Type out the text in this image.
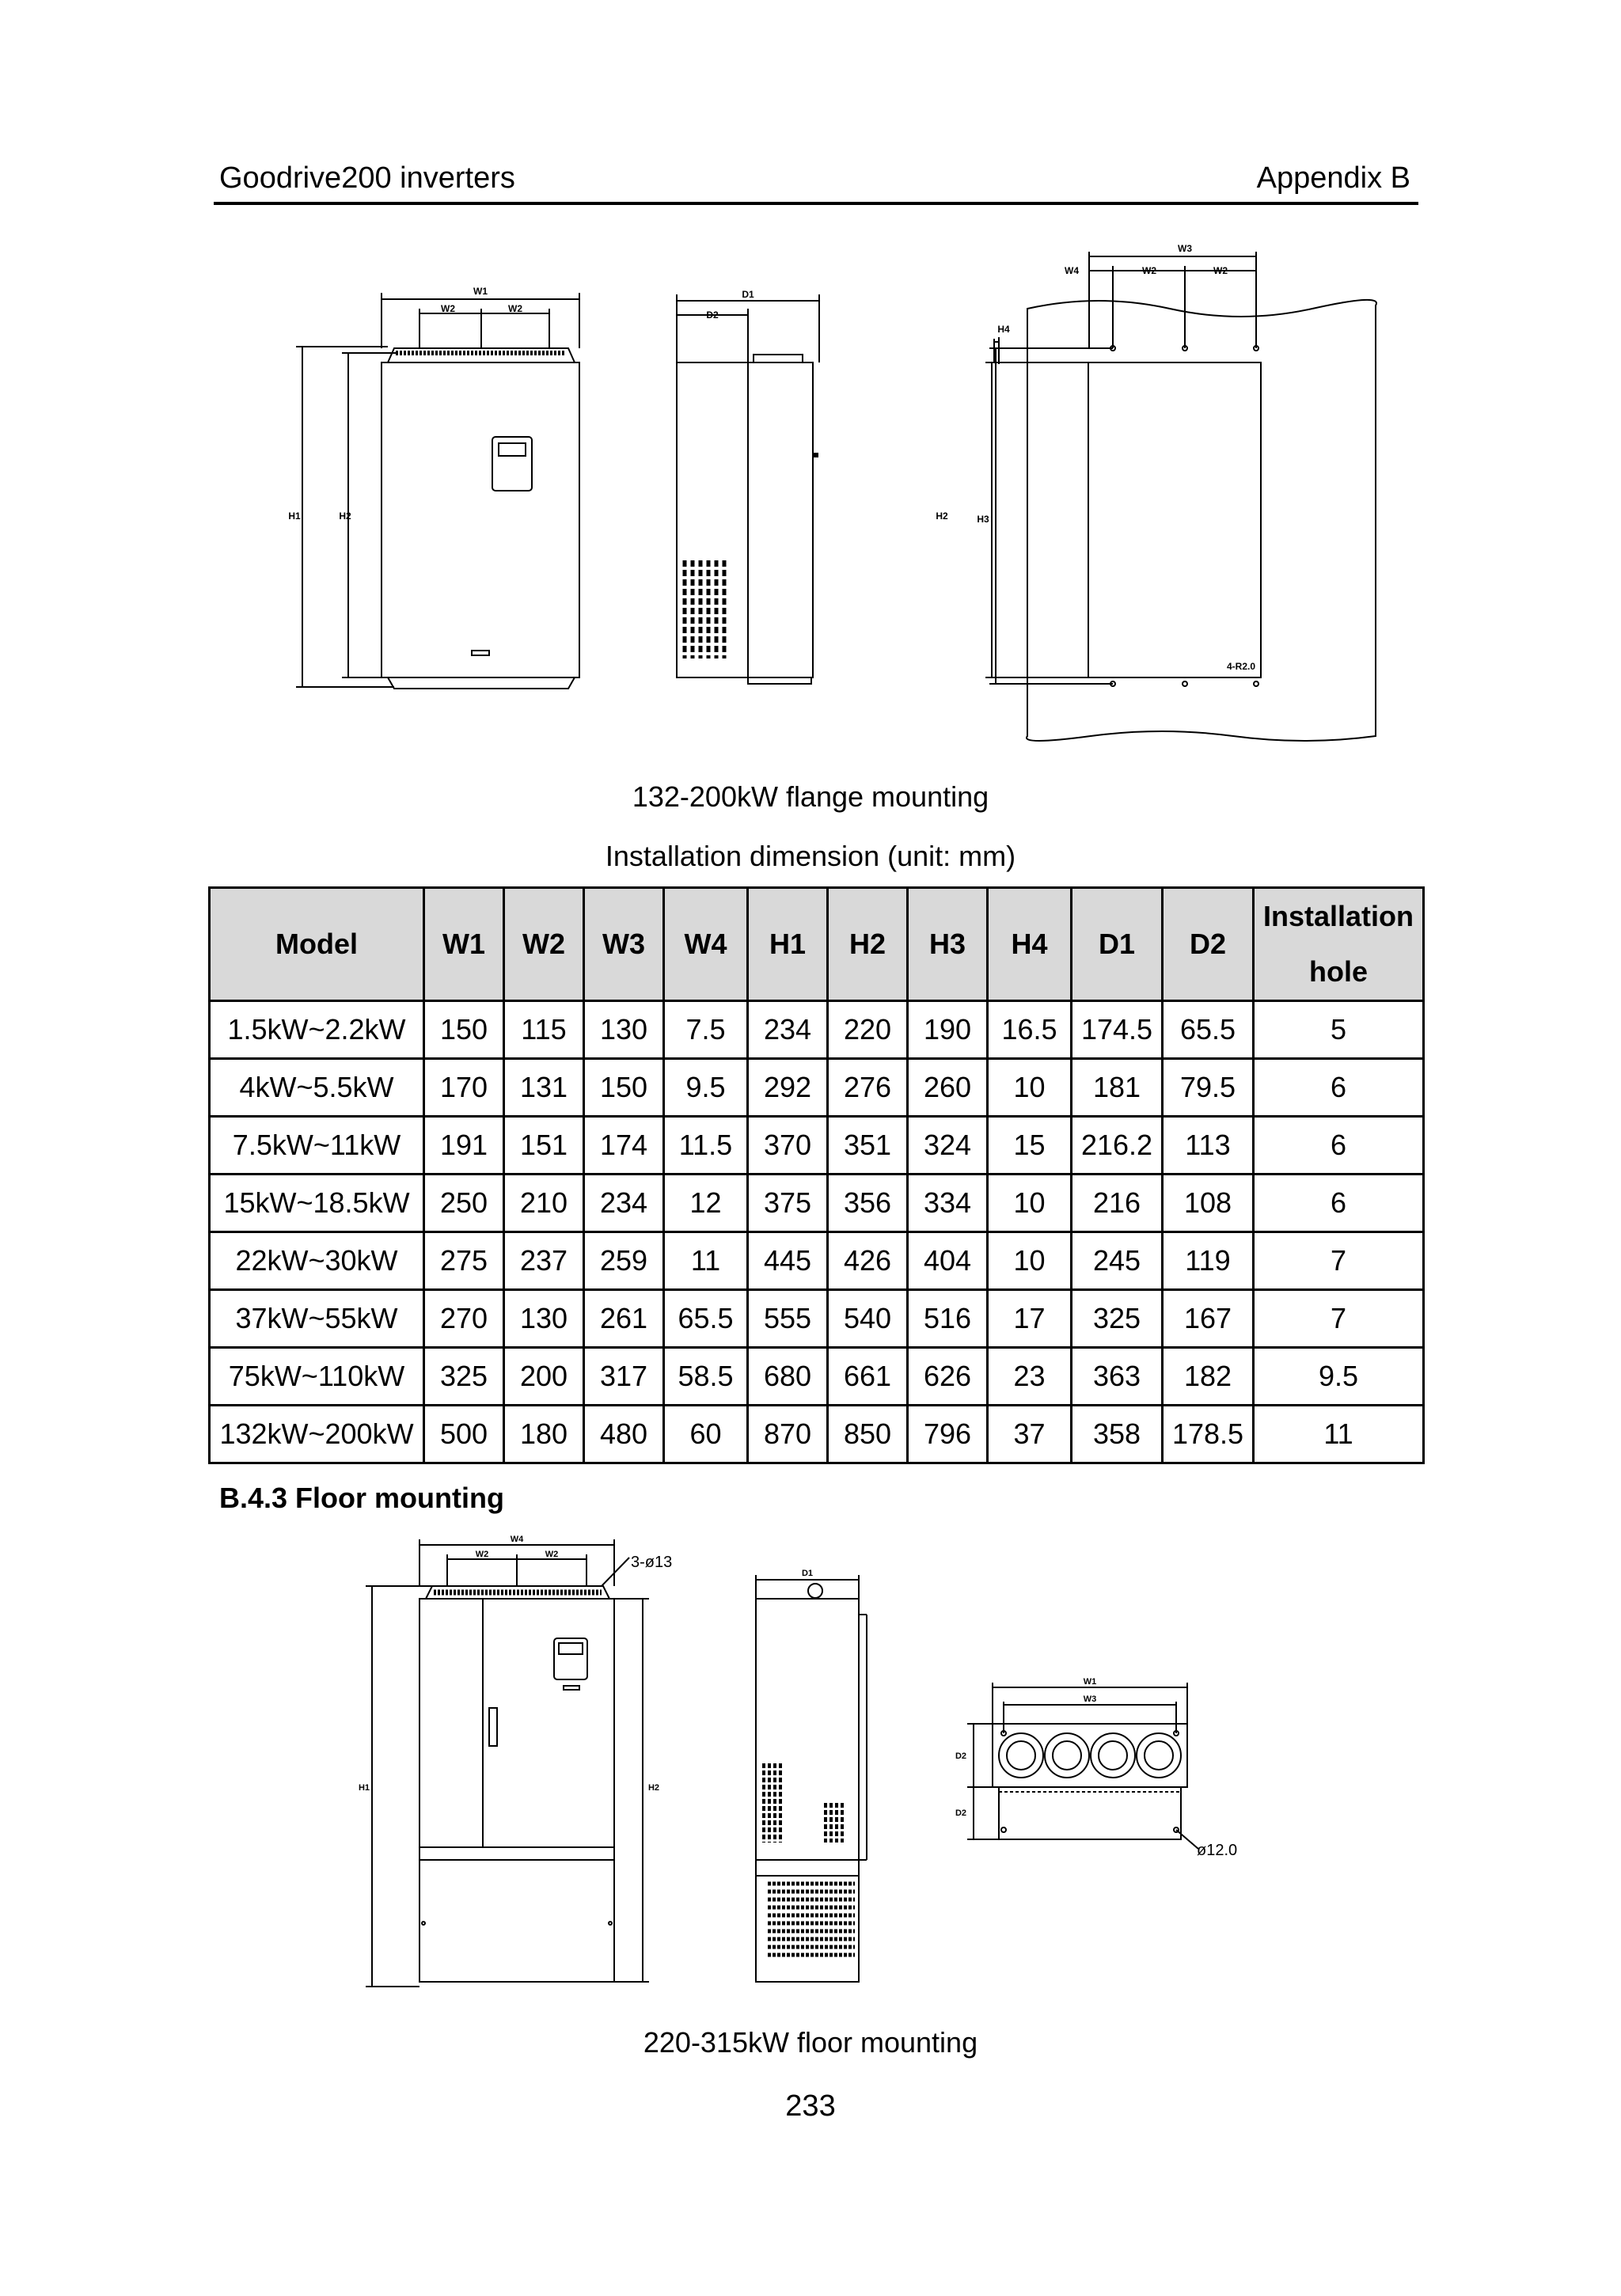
Goodrive200 inverters	Appendix B
W1
W2	W2
H1	H2
D1
D2
W3
W4	W2	W2
H4
H2	H3
4-R2.0
132-200kW flange mounting
Installation dimension (unit: mm)
Model	W1	W2	W3	W4	H1	H2	H3	H4	D1	D2	Installation
hole

1.5kW~2.2kW	150	115	130	7.5	234	220	190	16.5	174.5	65.5	5
4kW~5.5kW	170	131	150	9.5	292	276	260	10	181	79.5	6
7.5kW~11kW	191	151	174	11.5	370	351	324	15	216.2	113	6
15kW~18.5kW	250	210	234	12	375	356	334	10	216	108	6
22kW~30kW	275	237	259	11	445	426	404	10	245	119	7
37kW~55kW	270	130	261	65.5	555	540	516	17	325	167	7
75kW~110kW	325	200	317	58.5	680	661	626	23	363	182	9.5
132kW~200kW	500	180	480	60	870	850	796	37	358	178.5	11
B.4.3 Floor mounting
W4
W2	W2
H1	H2
D1
W1
W3
D2
D2
3-ø13
ø12.0
220-315kW floor mounting
233
